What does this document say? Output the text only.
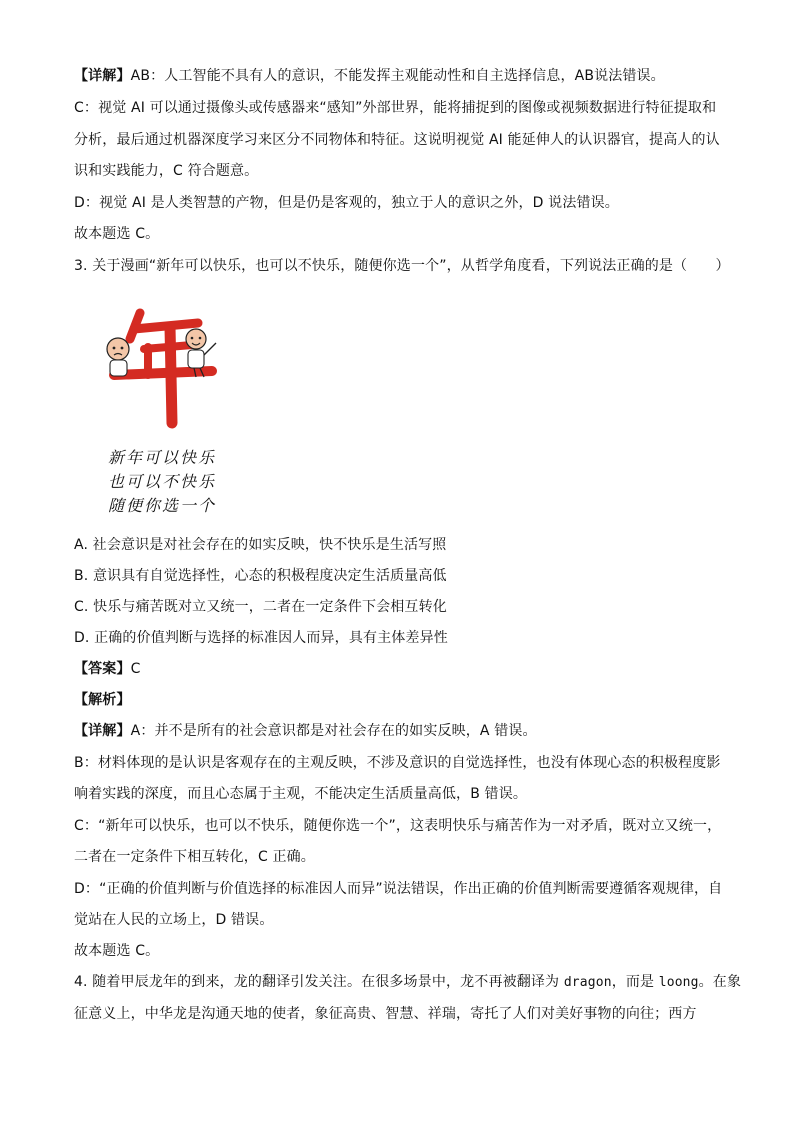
【详解】AB：人工智能不具有人的意识，不能发挥主观能动性和自主选择信息，AB说法错误。
C：视觉 AI 可以通过摄像头或传感器来“感知”外部世界，能将捕捉到的图像或视频数据进行特征提取和
分析，最后通过机器深度学习来区分不同物体和特征。这说明视觉 AI 能延伸人的认识器官，提高人的认
识和实践能力，C 符合题意。
D：视觉 AI 是人类智慧的产物，但是仍是客观的，独立于人的意识之外，D 说法错误。
故本题选 C。
3. 关于漫画“新年可以快乐，也可以不快乐，随便你选一个”，从哲学角度看，下列说法正确的是（　　）
新年可以快乐
也可以不快乐
随便你选一个
A. 社会意识是对社会存在的如实反映，快不快乐是生活写照
B. 意识具有自觉选择性，心态的积极程度决定生活质量高低
C. 快乐与痛苦既对立又统一，二者在一定条件下会相互转化
D. 正确的价值判断与选择的标准因人而异，具有主体差异性
【答案】C
【解析】
【详解】A：并不是所有的社会意识都是对社会存在的如实反映，A 错误。
B：材料体现的是认识是客观存在的主观反映，不涉及意识的自觉选择性，也没有体现心态的积极程度影
响着实践的深度，而且心态属于主观，不能决定生活质量高低，B 错误。
C：“新年可以快乐，也可以不快乐，随便你选一个”，这表明快乐与痛苦作为一对矛盾，既对立又统一，
二者在一定条件下相互转化，C 正确。
D：“正确的价值判断与价值选择的标准因人而异”说法错误，作出正确的价值判断需要遵循客观规律，自
觉站在人民的立场上，D 错误。
故本题选 C。
4. 随着甲辰龙年的到来，龙的翻译引发关注。在很多场景中，龙不再被翻译为 dragon，而是 loong。在象
征意义上，中华龙是沟通天地的使者，象征高贵、智慧、祥瑞，寄托了人们对美好事物的向往；西方
